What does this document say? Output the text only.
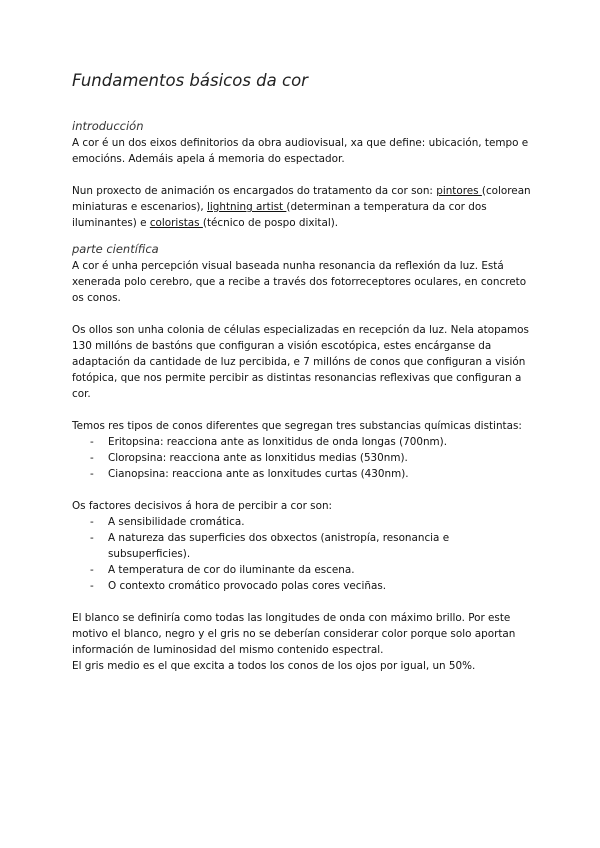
Fundamentos básicos da cor
introducción

A cor é un dos eixos definitorios da obra audiovisual, xa que define: ubicación, tempo e emocións. Ademáis apela á memoria do espectador.

Nun proxecto de animación os encargados do tratamento da cor son: pintores (colorean miniaturas e escenarios), lightning artist (determinan a temperatura da cor dos iluminantes) e coloristas (técnico de pospo dixital).

parte científica

A cor é unha percepción visual baseada nunha resonancia da reflexión da luz. Está xenerada polo cerebro, que a recibe a través dos fotorreceptores oculares, en concreto os conos.

Os ollos son unha colonia de células especializadas en recepción da luz. Nela atopamos 130 millóns de bastóns que configuran a visión escotópica, estes encárganse da adaptación da cantidade de luz percibida, e 7 millóns de conos que configuran a visión fotópica, que nos permite percibir as distintas resonancias reflexivas que configuran a cor.

Temos res tipos de conos diferentes que segregan tres substancias químicas distintas:

- Eritopsina: reacciona ante as lonxitidus de onda longas (700nm).
- Cloropsina: reacciona ante as lonxitidus medias (530nm).
- Cianopsina: reacciona ante as lonxitudes curtas (430nm).

Os factores decisivos á hora de percibir a cor son:

- A sensibilidade cromática.
- A natureza das superficies dos obxectos (anistropía, resonancia e subsuperficies).
- A temperatura de cor do iluminante da escena.
- O contexto cromático provocado polas cores veciñas.

El blanco se definiría como todas las longitudes de onda con máximo brillo. Por este motivo el blanco, negro y el gris no se deberían considerar color porque solo aportan información de luminosidad del mismo contenido espectral.

El gris medio es el que excita a todos los conos de los ojos por igual, un 50%.
